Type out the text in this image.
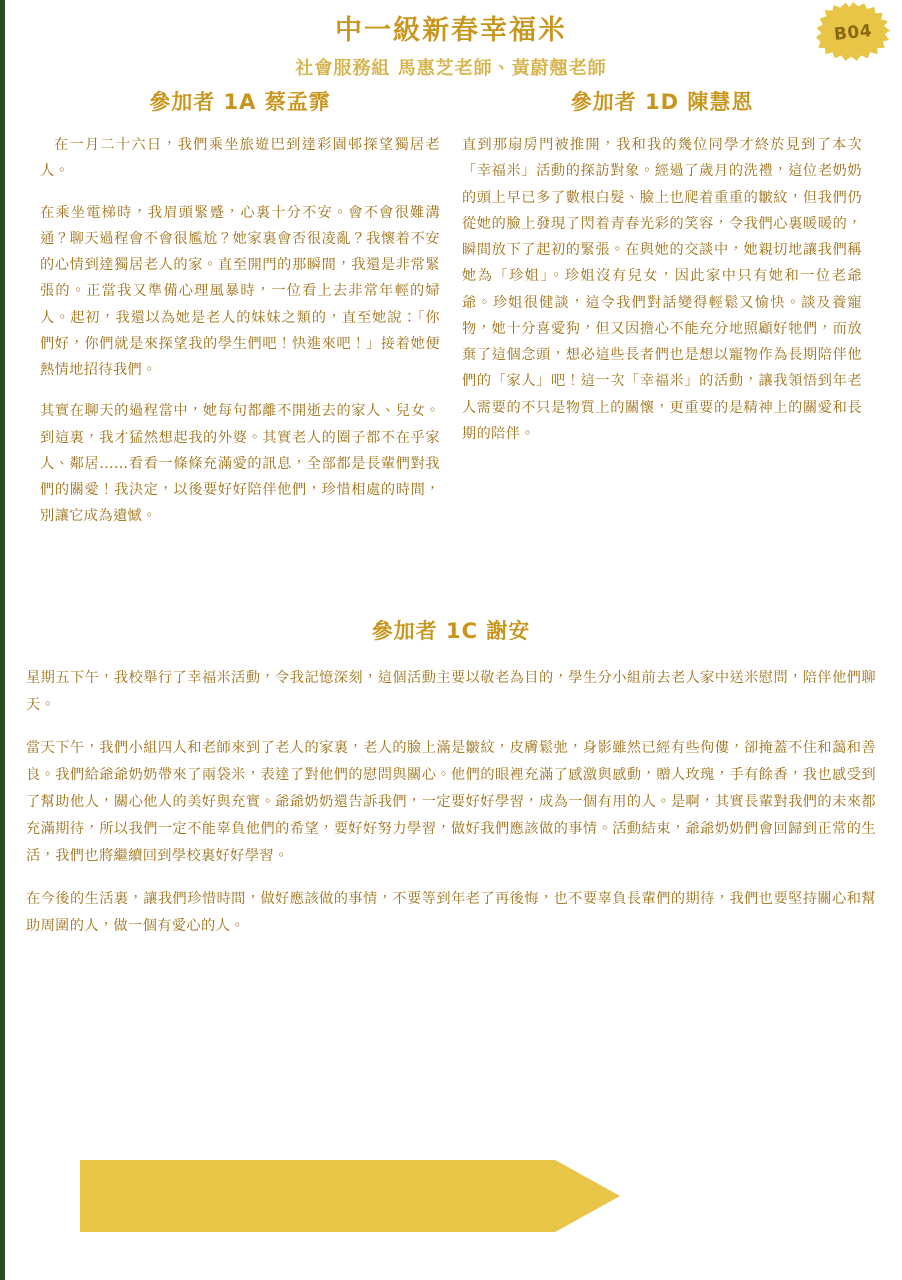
B04
中一級新春幸福米
社會服務組 馬惠芝老師、黃蔚翹老師
參加者 1A 蔡孟霏

在一月二十六日，我們乘坐旅遊巴到達彩園邨探望獨居老人。

在乘坐電梯時，我眉頭緊蹙，心裏十分不安。會不會很難溝通？聊天過程會不會很尷尬？她家裏會否很凌亂？我懷着不安的心情到達獨居老人的家。直至開門的那瞬間，我還是非常緊張的。正當我又準備心理風暴時，一位看上去非常年輕的婦人。起初，我還以為她是老人的妹妹之類的，直至她說：「你們好，你們就是來探望我的學生們吧！快進來吧！」接着她便熱情地招待我們。

其實在聊天的過程當中，她每句都離不開逝去的家人、兒女。到這裏，我才猛然想起我的外婆。其實老人的圈子都不在乎家人、鄰居……看看一條條充滿愛的訊息，全部都是長輩們對我們的關愛！我決定，以後要好好陪伴他們，珍惜相處的時間，別讓它成為遺憾。

參加者 1D 陳慧恩

直到那扇房門被推開，我和我的幾位同學才終於見到了本次「幸福米」活動的探訪對象。經過了歲月的洗禮，這位老奶奶的頭上早已多了數根白髮、臉上也爬着重重的皺紋，但我們仍從她的臉上發現了閃着青春光彩的笑容，令我們心裏暖暖的，瞬間放下了起初的緊張。在與她的交談中，她親切地讓我們稱她為「珍姐」。珍姐沒有兒女，因此家中只有她和一位老爺爺。珍姐很健談，這令我們對話變得輕鬆又愉快。談及養寵物，她十分喜愛狗，但又因擔心不能充分地照顧好牠們，而放棄了這個念頭，想必這些長者們也是想以寵物作為長期陪伴他們的「家人」吧！這一次「幸福米」的活動，讓我領悟到年老人需要的不只是物質上的關懷，更重要的是精神上的關愛和長期的陪伴。

參加者 1C 謝安

星期五下午，我校舉行了幸福米活動，令我記憶深刻，這個活動主要以敬老為目的，學生分小組前去老人家中送米慰問，陪伴他們聊天。

當天下午，我們小組四人和老師來到了老人的家裏，老人的臉上滿是皺紋，皮膚鬆弛，身影雖然已經有些佝僂，卻掩蓋不住和藹和善良。我們給爺爺奶奶帶來了兩袋米，表達了對他們的慰問與關心。他們的眼裡充滿了感激與感動，贈人玫瑰，手有餘香，我也感受到了幫助他人，關心他人的美好與充實。爺爺奶奶還告訴我們，一定要好好學習，成為一個有用的人。是啊，其實長輩對我們的未來都充滿期待，所以我們一定不能辜負他們的希望，要好好努力學習，做好我們應該做的事情。活動結束，爺爺奶奶們會回歸到正常的生活，我們也將繼續回到學校裏好好學習。

在今後的生活裏，讓我們珍惜時間，做好應該做的事情，不要等到年老了再後悔，也不要辜負長輩們的期待，我們也要堅持關心和幫助周圍的人，做一個有愛心的人。
